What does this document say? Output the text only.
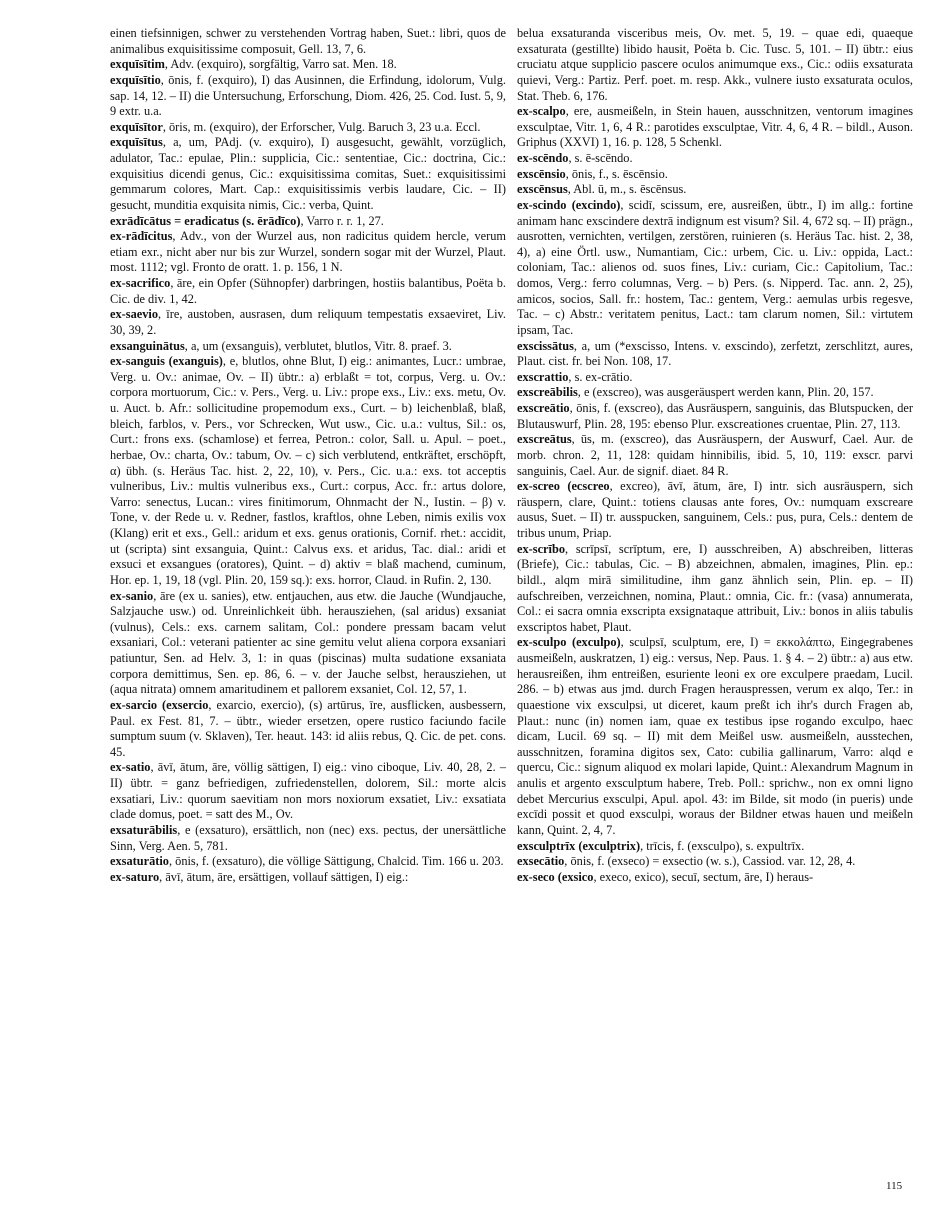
einen tiefsinnigen, schwer zu verstehenden Vortrag haben, Suet.: libri, quos de animalibus exquisitissime composuit, Gell. 13, 7, 6.

exquīsītim, Adv. (exquiro), sorgfältig, Varro sat. Men. 18.

exquīsītio, ōnis, f. (exquiro), I) das Ausinnen, die Erfindung, idolorum, Vulg. sap. 14, 12. – II) die Untersuchung, Erforschung, Diom. 426, 25. Cod. Iust. 5, 9, 9 extr. u.a.

exquīsītor, ōris, m. (exquiro), der Erforscher, Vulg. Baruch 3, 23 u.a. Eccl.

exquīsītus, a, um, PAdj. (v. exquiro), I) ausgesucht, gewählt, vorzüglich, adulator, Tac.: epulae, Plin.: supplicia, Cic.: sententiae, Cic.: doctrina, Cic.: exquisitius dicendi genus, Cic.: exquisitissima comitas, Suet.: exquisitissimi gemmarum colores, Mart. Cap.: exquisitissimis verbis laudare, Cic. – II) gesucht, munditia exquisita nimis, Cic.: verba, Quint.

exrādīcātus = eradicatus (s. ērādīco), Varro r. r. 1, 27.

ex-rādīcitus, Adv., von der Wurzel aus, non radicitus quidem hercle, verum etiam exr., nicht aber nur bis zur Wurzel, sondern sogar mit der Wurzel, Plaut. most. 1112; vgl. Fronto de oratt. 1. p. 156, 1 N.

ex-sacrifico, āre, ein Opfer (Sühnopfer) darbringen, hostiis balantibus, Poëta b. Cic. de div. 1, 42.

ex-saevio, īre, austoben, ausrasen, dum reliquum tempestatis exsaeviret, Liv. 30, 39, 2.

exsanguinātus, a, um (exsanguis), verblutet, blutlos, Vitr. 8. praef. 3.

ex-sanguis (exanguis), e, blutlos, ohne Blut, I) eig.: animantes, Lucr.: umbrae, Verg. u. Ov.: animae, Ov. – II) übtr.: a) erblaßt = tot, corpus, Verg. u. Ov.: corpora mortuorum, Cic.: v. Pers., Verg. u. Liv.: prope exs., Liv.: exs. metu, Ov. u. Auct. b. Afr.: sollicitudine propemodum exs., Curt. – b) leichenblaß, blaß, bleich, farblos, v. Pers., vor Schrecken, Wut usw., Cic. u.a.: vultus, Sil.: os, Curt.: frons exs. (schamlose) et ferrea, Petron.: color, Sall. u. Apul. – poet., herbae, Ov.: charta, Ov.: tabum, Ov. – c) sich verblutend, entkräftet, erschöpft, α) übh. (s. Heräus Tac. hist. 2, 22, 10), v. Pers., Cic. u.a.: exs. tot acceptis vulneribus, Liv.: multis vulneribus exs., Curt.: corpus, Acc. fr.: artus dolore, Varro: senectus, Lucan.: vires finitimorum, Ohnmacht der N., Iustin. – β) v. Tone, v. der Rede u. v. Redner, fastlos, kraftlos, ohne Leben, nimis exilis vox (Klang) erit et exs., Gell.: aridum et exs. genus orationis, Cornif. rhet.: accidit, ut (scripta) sint exsanguia, Quint.: Calvus exs. et aridus, Tac. dial.: aridi et exsuci et exsangues (oratores), Quint. – d) aktiv = blaß machend, cuminum, Hor. ep. 1, 19, 18 (vgl. Plin. 20, 159 sq.): exs. horror, Claud. in Rufin. 2, 130.

ex-sanio, āre (ex u. sanies), etw. entjauchen, aus etw. die Jauche (Wundjauche, Salzjauche usw.) od. Unreinlichkeit übh. herausziehen, (sal aridus) exsaniat (vulnus), Cels.: exs. carnem salitam, Col.: pondere pressam bacam velut exsaniari, Col.: veterani patienter ac sine gemitu velut aliena corpora exsaniari patiuntur, Sen. ad Helv. 3, 1: in quas (piscinas) multa sudatione exsaniata corpora demittimus, Sen. ep. 86, 6. – v. der Jauche selbst, herausziehen, ut (aqua nitrata) omnem amaritudinem et pallorem exsaniet, Col. 12, 57, 1.

ex-sarcio (exsercio, exarcio, exercio), (s) artūrus, īre, ausflicken, ausbessern, Paul. ex Fest. 81, 7. – übtr., wieder ersetzen, opere rustico faciundo facile sumptum suum (v. Sklaven), Ter. heaut. 143: id aliis rebus, Q. Cic. de pet. cons. 45.

ex-satio, āvī, ātum, āre, völlig sättigen, I) eig.: vino ciboque, Liv. 40, 28, 2. – II) übtr. = ganz befriedigen, zufriedenstellen, dolorem, Sil.: morte alcis exsatiari, Liv.: quorum saevitiam non mors noxiorum exsatiet, Liv.: exsatiata clade domus, poet. = satt des M., Ov.

exsaturābilis, e (exsaturo), ersättlich, non (nec) exs. pectus, der unersättliche Sinn, Verg. Aen. 5, 781.

exsaturātio, ōnis, f. (exsaturo), die völlige Sättigung, Chalcid. Tim. 166 u. 203.

ex-saturo, āvī, ātum, āre, ersättigen, vollauf sättigen, I) eig.:

belua exsaturanda visceribus meis, Ov. met. 5, 19. – quae edi, quaeque exsaturata (gestillte) libido hausit, Poëta b. Cic. Tusc. 5, 101. – II) übtr.: eius cruciatu atque supplicio pascere oculos animumque exs., Cic.: odiis exsaturata quievi, Verg.: Partiz. Perf. poet. m. resp. Akk., vulnere iusto exsaturata oculos, Stat. Theb. 6, 176.

ex-scalpo, ere, ausmeißeln, in Stein hauen, ausschnitzen, ventorum imagines exsculptae, Vitr. 1, 6, 4 R.: parotides exsculptae, Vitr. 4, 6, 4 R. – bildl., Auson. Griphus (XXVI) 1, 16. p. 128, 5 Schenkl.

ex-scēndo, s. ē-scēndo.

exscēnsio, ōnis, f., s. ēscēnsio.

exscēnsus, Abl. ū, m., s. ēscēnsus.

ex-scindo (excindo), scidī, scissum, ere, ausreißen, übtr., I) im allg.: fortine animam hanc exscindere dextrā indignum est visum? Sil. 4, 672 sq. – II) prägn., ausrotten, vernichten, vertilgen, zerstören, ruinieren (s. Heräus Tac. hist. 2, 38, 4), a) eine Örtl. usw., Numantiam, Cic.: urbem, Cic. u. Liv.: oppida, Lact.: coloniam, Tac.: alienos od. suos fines, Liv.: curiam, Cic.: Capitolium, Tac.: domos, Verg.: ferro columnas, Verg. – b) Pers. (s. Nipperd. Tac. ann. 2, 25), amicos, socios, Sall. fr.: hostem, Tac.: gentem, Verg.: aemulas urbis regesve, Tac. – c) Abstr.: veritatem penitus, Lact.: tam clarum nomen, Sil.: virtutem ipsam, Tac.

exscissātus, a, um (*exscisso, Intens. v. exscindo), zerfetzt, zerschlitzt, aures, Plaut. cist. fr. bei Non. 108, 17.

exscrattio, s. ex-crātio.

exscreābilis, e (exscreo), was ausgeräuspert werden kann, Plin. 20, 157.

exscreātio, ōnis, f. (exscreo), das Ausräuspern, sanguinis, das Blutspucken, der Blutauswurf, Plin. 28, 195: ebenso Plur. exscreationes cruentae, Plin. 27, 113.

exscreātus, ūs, m. (exscreo), das Ausräuspern, der Auswurf, Cael. Aur. de morb. chron. 2, 11, 128: quidam hinnibilis, ibid. 5, 10, 119: exscr. parvi sanguinis, Cael. Aur. de signif. diaet. 84 R.

ex-screo (ecscreo, excreo), āvī, ātum, āre, I) intr. sich ausräuspern, sich räuspern, clare, Quint.: totiens clausas ante fores, Ov.: numquam exscreare ausus, Suet. – II) tr. ausspucken, sanguinem, Cels.: pus, pura, Cels.: dentem de tribus unum, Priap.

ex-scrībo, scrīpsī, scrīptum, ere, I) ausschreiben, A) abschreiben, litteras (Briefe), Cic.: tabulas, Cic. – B) abzeichnen, abmalen, imagines, Plin. ep.: bildl., alqm mirā similitudine, ihm ganz ähnlich sein, Plin. ep. – II) aufschreiben, verzeichnen, nomina, Plaut.: omnia, Cic. fr.: (vasa) annumerata, Col.: ei sacra omnia exscripta exsignataque attribuit, Liv.: bonos in aliis tabulis exscriptos habet, Plaut.

ex-sculpo (exculpo), sculpsī, sculptum, ere, I) = εκκολάπτω, Eingegrabenes ausmeißeln, auskratzen, 1) eig.: versus, Nep. Paus. 1. § 4. – 2) übtr.: a) aus etw. herausreißen, ihm entreißen, esuriente leoni ex ore exculpere praedam, Lucil. 286. – b) etwas aus jmd. durch Fragen herauspressen, verum ex alqo, Ter.: in quaestione vix exsculpsi, ut diceret, kaum preßt ich ihr's durch Fragen ab, Plaut.: nunc (in) nomen iam, quae ex testibus ipse rogando exculpo, haec dicam, Lucil. 69 sq. – II) mit dem Meißel usw. ausmeißeln, ausstechen, ausschnitzen, foramina digitos sex, Cato: cubilia gallinarum, Varro: alqd e quercu, Cic.: signum aliquod ex molari lapide, Quint.: Alexandrum Magnum in anulis et argento exsculptum habere, Treb. Poll.: sprichw., non ex omni ligno debet Mercurius exsculpi, Apul. apol. 43: im Bilde, sit modo (in pueris) unde excīdi possit et quod exsculpi, woraus der Bildner etwas hauen und meißeln kann, Quint. 2, 4, 7.

exsculptrīx (exculptrix), trīcis, f. (exsculpo), s. expultrīx.

exsecātio, ōnis, f. (exseco) = exsectio (w. s.), Cassiod. var. 12, 28, 4.

ex-seco (exsico, execo, exico), secuī, sectum, āre, I) heraus-

115
